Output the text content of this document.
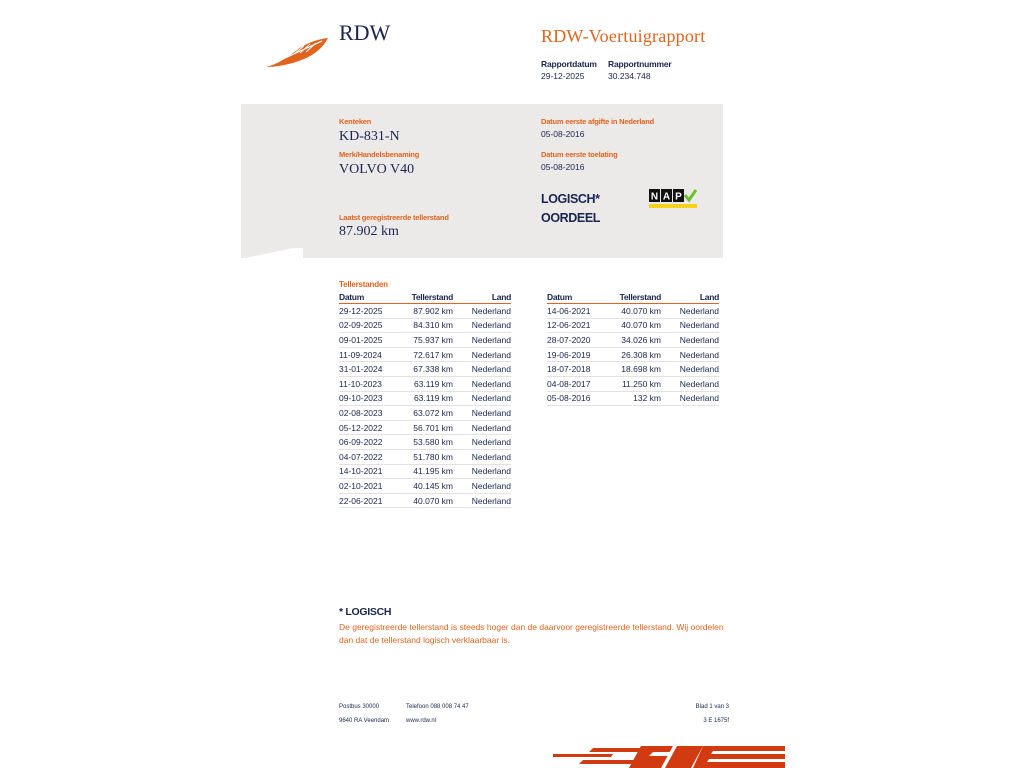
RDW	RDW-Voertuigrapport
Rapportdatum
29-12-2025
Rapportnummer
30.234.748
Kenteken
KD-831-N
Merk/Handelsbenaming
VOLVO V40
Laatst geregistreerde tellerstand
87.902 km
Datum eerste afgifte in Nederland
05-08-2016
Datum eerste toelating
05-08-2016
LOGISCH*
OORDEEL
N A P
Tellerstanden
Datum	Tellerstand	Land
29-12-2025	87.902 km	Nederland
02-09-2025	84.310 km	Nederland
09-01-2025	75.937 km	Nederland
11-09-2024	72.617 km	Nederland
31-01-2024	67.338 km	Nederland
11-10-2023	63.119 km	Nederland
09-10-2023	63.119 km	Nederland
02-08-2023	63.072 km	Nederland
05-12-2022	56.701 km	Nederland
06-09-2022	53.580 km	Nederland
04-07-2022	51.780 km	Nederland
14-10-2021	41.195 km	Nederland
02-10-2021	40.145 km	Nederland
22-06-2021	40.070 km	Nederland
Datum	Tellerstand	Land
14-06-2021	40.070 km	Nederland
12-06-2021	40.070 km	Nederland
28-07-2020	34.026 km	Nederland
19-06-2019	26.308 km	Nederland
18-07-2018	18.698 km	Nederland
04-08-2017	11.250 km	Nederland
05-08-2016	132 km	Nederland
* LOGISCH
De geregistreerde tellerstand is steeds hoger dan de daarvoor geregistreerde tellerstand. Wij oordelen dan dat de tellerstand logisch verklaarbaar is.
Postbus 30000
9640 RA Veendam
Telefoon 088 008 74 47
www.rdw.nl
Blad 1 van 3
3 E 1675f
